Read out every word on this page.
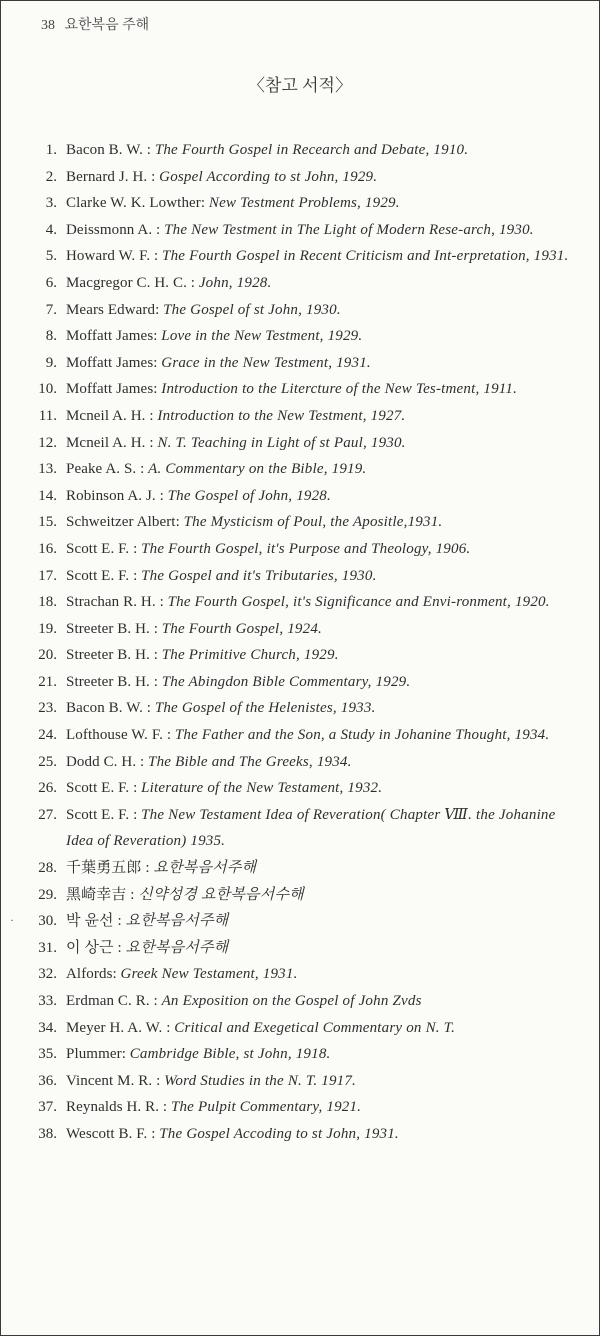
38 요한복음 주해
〈참고 서적〉
·
1. Bacon B. W. : The Fourth Gospel in Recearch and Debate, 1910.
2. Bernard J. H. : Gospel According to st John, 1929.
3. Clarke W. K. Lowther: New Testment Problems, 1929.
4. Deissmonn A. : The New Testment in The Light of Modern Rese-arch, 1930.
5. Howard W. F. : The Fourth Gospel in Recent Criticism and Int-erpretation, 1931.
6. Macgregor C. H. C. : John, 1928.
7. Mears Edward: The Gospel of st John, 1930.
8. Moffatt James: Love in the New Testment, 1929.
9. Moffatt James: Grace in the New Testment, 1931.
10. Moffatt James: Introduction to the Litercture of the New Tes-tment, 1911.
11. Mcneil A. H. : Introduction to the New Testment, 1927.
12. Mcneil A. H. : N. T. Teaching in Light of st Paul, 1930.
13. Peake A. S. : A. Commentary on the Bible, 1919.
14. Robinson A. J. : The Gospel of John, 1928.
15. Schweitzer Albert: The Mysticism of Poul, the Apositle,1931.
16. Scott E. F. : The Fourth Gospel, it's Purpose and Theology, 1906.
17. Scott E. F. : The Gospel and it's Tributaries, 1930.
18. Strachan R. H. : The Fourth Gospel, it's Significance and Envi-ronment, 1920.
19. Streeter B. H. : The Fourth Gospel, 1924.
20. Streeter B. H. : The Primitive Church, 1929.
21. Streeter B. H. : The Abingdon Bible Commentary, 1929.
23. Bacon B. W. : The Gospel of the Helenistes, 1933.
24. Lofthouse W. F. : The Father and the Son, a Study in Johanine Thought, 1934.
25. Dodd C. H. : The Bible and The Greeks, 1934.
26. Scott E. F. : Literature of the New Testament, 1932.
27. Scott E. F. : The New Testament Idea of Reveration( Chapter Ⅷ. the Johanine Idea of Reveration) 1935.
28. 千葉勇五郎 : 요한복음서주해
29. 黑崎幸吉 : 신약성경 요한복음서수해
30. 박 윤선 : 요한복음서주해
31. 이 상근 : 요한복음서주해
32. Alfords: Greek New Testament, 1931.
33. Erdman C. R. : An Exposition on the Gospel of John Zvds
34. Meyer H. A. W. : Critical and Exegetical Commentary on N. T.
35. Plummer: Cambridge Bible, st John, 1918.
36. Vincent M. R. : Word Studies in the N. T. 1917.
37. Reynalds H. R. : The Pulpit Commentary, 1921.
38. Wescott B. F. : The Gospel Accoding to st John, 1931.
